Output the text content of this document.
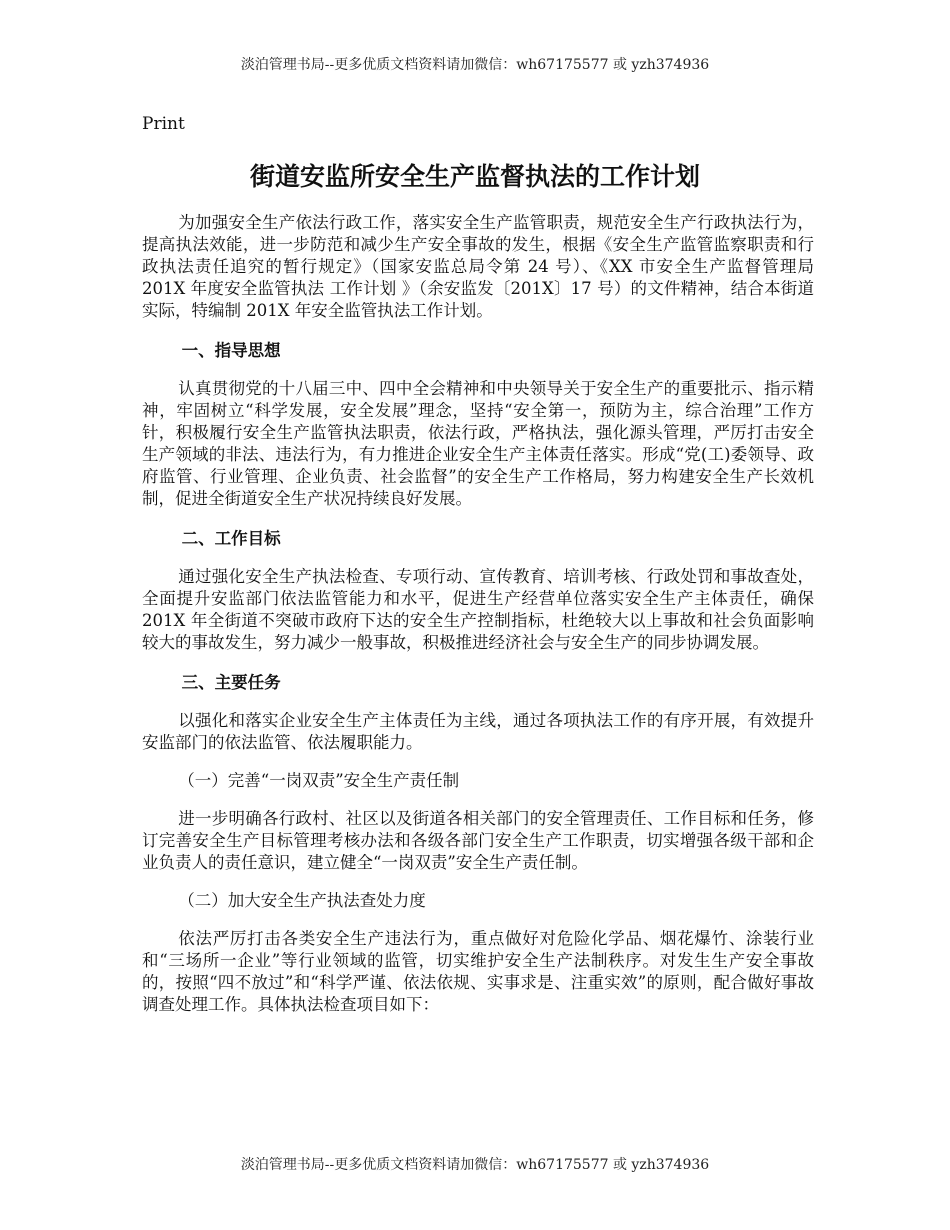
淡泊管理书局--更多优质文档资料请加微信：wh67175577 或 yzh374936
Print
街道安监所安全生产监督执法的工作计划

为加强安全生产依法行政工作，落实安全生产监管职责，规范安全生产行政执法行为，提高执法效能，进一步防范和减少生产安全事故的发生，根据《安全生产监管监察职责和行政执法责任追究的暂行规定》（国家安监总局令第 24 号）、《XX 市安全生产监督管理局 201X 年度安全监管执法 工作计划 》（余安监发〔201X〕17 号）的文件精神，结合本街道实际，特编制 201X 年安全监管执法工作计划。

一、指导思想

认真贯彻党的十八届三中、四中全会精神和中央领导关于安全生产的重要批示、指示精神，牢固树立“科学发展，安全发展”理念，坚持“安全第一，预防为主，综合治理”工作方针，积极履行安全生产监管执法职责，依法行政，严格执法，强化源头管理，严厉打击安全生产领域的非法、违法行为，有力推进企业安全生产主体责任落实。形成“党(工)委领导、政府监管、行业管理、企业负责、社会监督”的安全生产工作格局，努力构建安全生产长效机制，促进全街道安全生产状况持续良好发展。

二、工作目标

通过强化安全生产执法检查、专项行动、宣传教育、培训考核、行政处罚和事故查处，全面提升安监部门依法监管能力和水平，促进生产经营单位落实安全生产主体责任，确保 201X 年全街道不突破市政府下达的安全生产控制指标，杜绝较大以上事故和社会负面影响较大的事故发生，努力减少一般事故，积极推进经济社会与安全生产的同步协调发展。

三、主要任务

以强化和落实企业安全生产主体责任为主线，通过各项执法工作的有序开展，有效提升安监部门的依法监管、依法履职能力。

（一）完善“一岗双责”安全生产责任制

进一步明确各行政村、社区以及街道各相关部门的安全管理责任、工作目标和任务，修订完善安全生产目标管理考核办法和各级各部门安全生产工作职责，切实增强各级干部和企业负责人的责任意识，建立健全“一岗双责”安全生产责任制。

（二）加大安全生产执法查处力度

依法严厉打击各类安全生产违法行为，重点做好对危险化学品、烟花爆竹、涂装行业和“三场所一企业”等行业领域的监管，切实维护安全生产法制秩序。对发生生产安全事故的，按照“四不放过”和“科学严谨、依法依规、实事求是、注重实效”的原则，配合做好事故调查处理工作。具体执法检查项目如下：

淡泊管理书局--更多优质文档资料请加微信：wh67175577 或 yzh374936
